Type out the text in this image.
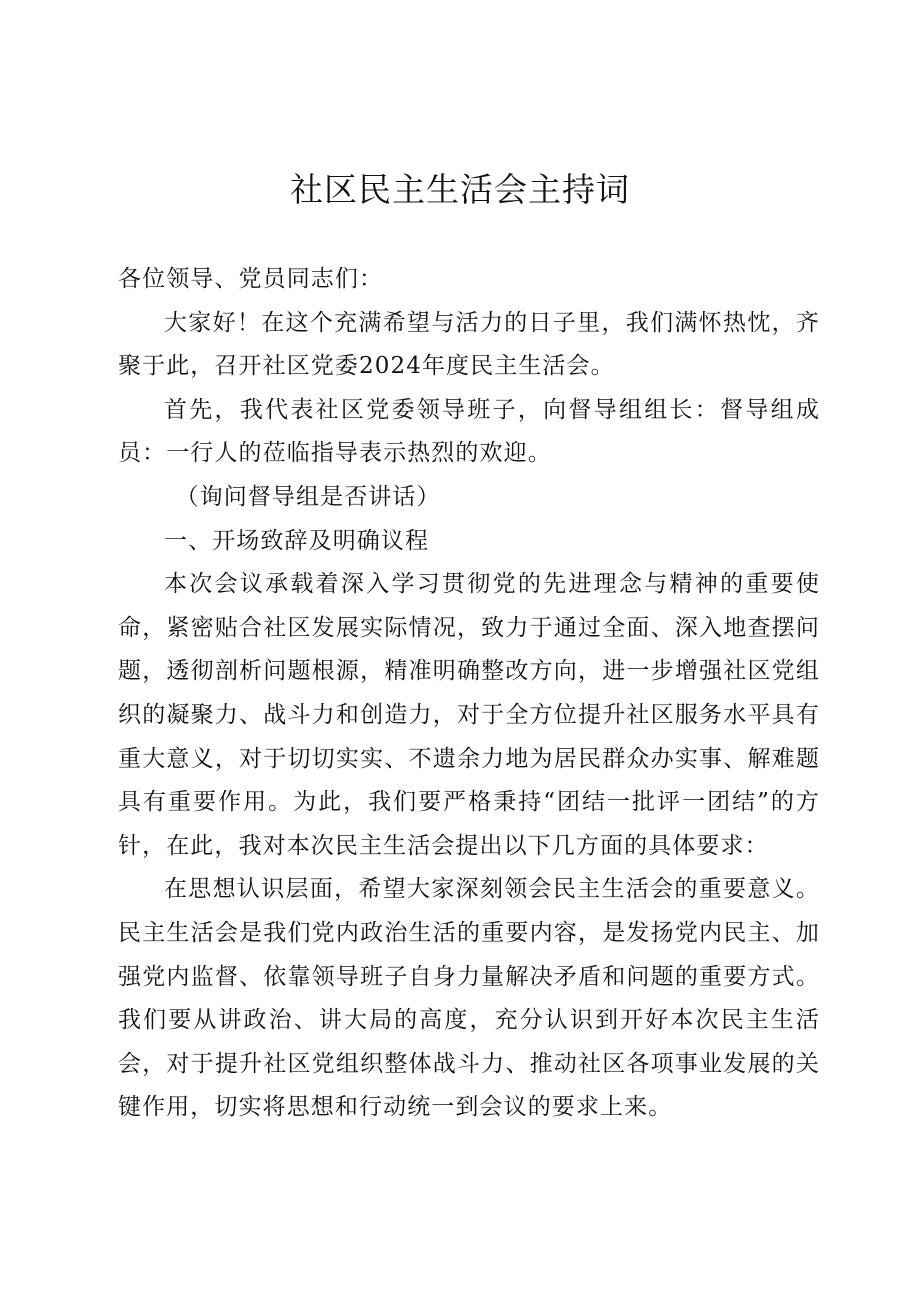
社区民主生活会主持词

各位领导、党员同志们：

大家好！在这个充满希望与活力的日子里，我们满怀热忱，齐聚于此，召开社区党委2024年度民主生活会。

首先，我代表社区党委领导班子，向督导组组长：督导组成员：一行人的莅临指导表示热烈的欢迎。

（询问督导组是否讲话）

一、开场致辞及明确议程

本次会议承载着深入学习贯彻党的先进理念与精神的重要使命，紧密贴合社区发展实际情况，致力于通过全面、深入地查摆问题，透彻剖析问题根源，精准明确整改方向，进一步增强社区党组织的凝聚力、战斗力和创造力，对于全方位提升社区服务水平具有重大意义，对于切切实实、不遗余力地为居民群众办实事、解难题具有重要作用。为此，我们要严格秉持“团结一批评一团结”的方针，在此，我对本次民主生活会提出以下几方面的具体要求：

在思想认识层面，希望大家深刻领会民主生活会的重要意义。民主生活会是我们党内政治生活的重要内容，是发扬党内民主、加强党内监督、依靠领导班子自身力量解决矛盾和问题的重要方式。我们要从讲政治、讲大局的高度，充分认识到开好本次民主生活会，对于提升社区党组织整体战斗力、推动社区各项事业发展的关键作用，切实将思想和行动统一到会议的要求上来。
